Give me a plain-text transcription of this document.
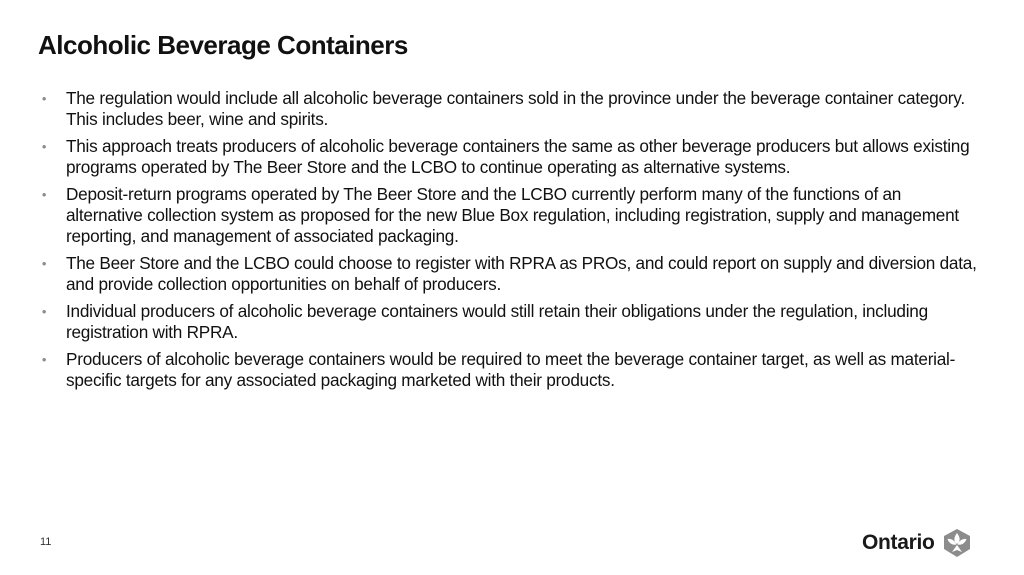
Alcoholic Beverage Containers
• The regulation would include all alcoholic beverage containers sold in the province under the beverage container category. This includes beer, wine and spirits.
• This approach treats producers of alcoholic beverage containers the same as other beverage producers but allows existing programs operated by The Beer Store and the LCBO to continue operating as alternative systems.
• Deposit-return programs operated by The Beer Store and the LCBO currently perform many of the functions of an alternative collection system as proposed for the new Blue Box regulation, including registration, supply and management reporting, and management of associated packaging.
• The Beer Store and the LCBO could choose to register with RPRA as PROs, and could report on supply and diversion data, and provide collection opportunities on behalf of producers.
• Individual producers of alcoholic beverage containers would still retain their obligations under the regulation, including registration with RPRA.
• Producers of alcoholic beverage containers would be required to meet the beverage container target, as well as material-specific targets for any associated packaging marketed with their products.
11	Ontario
